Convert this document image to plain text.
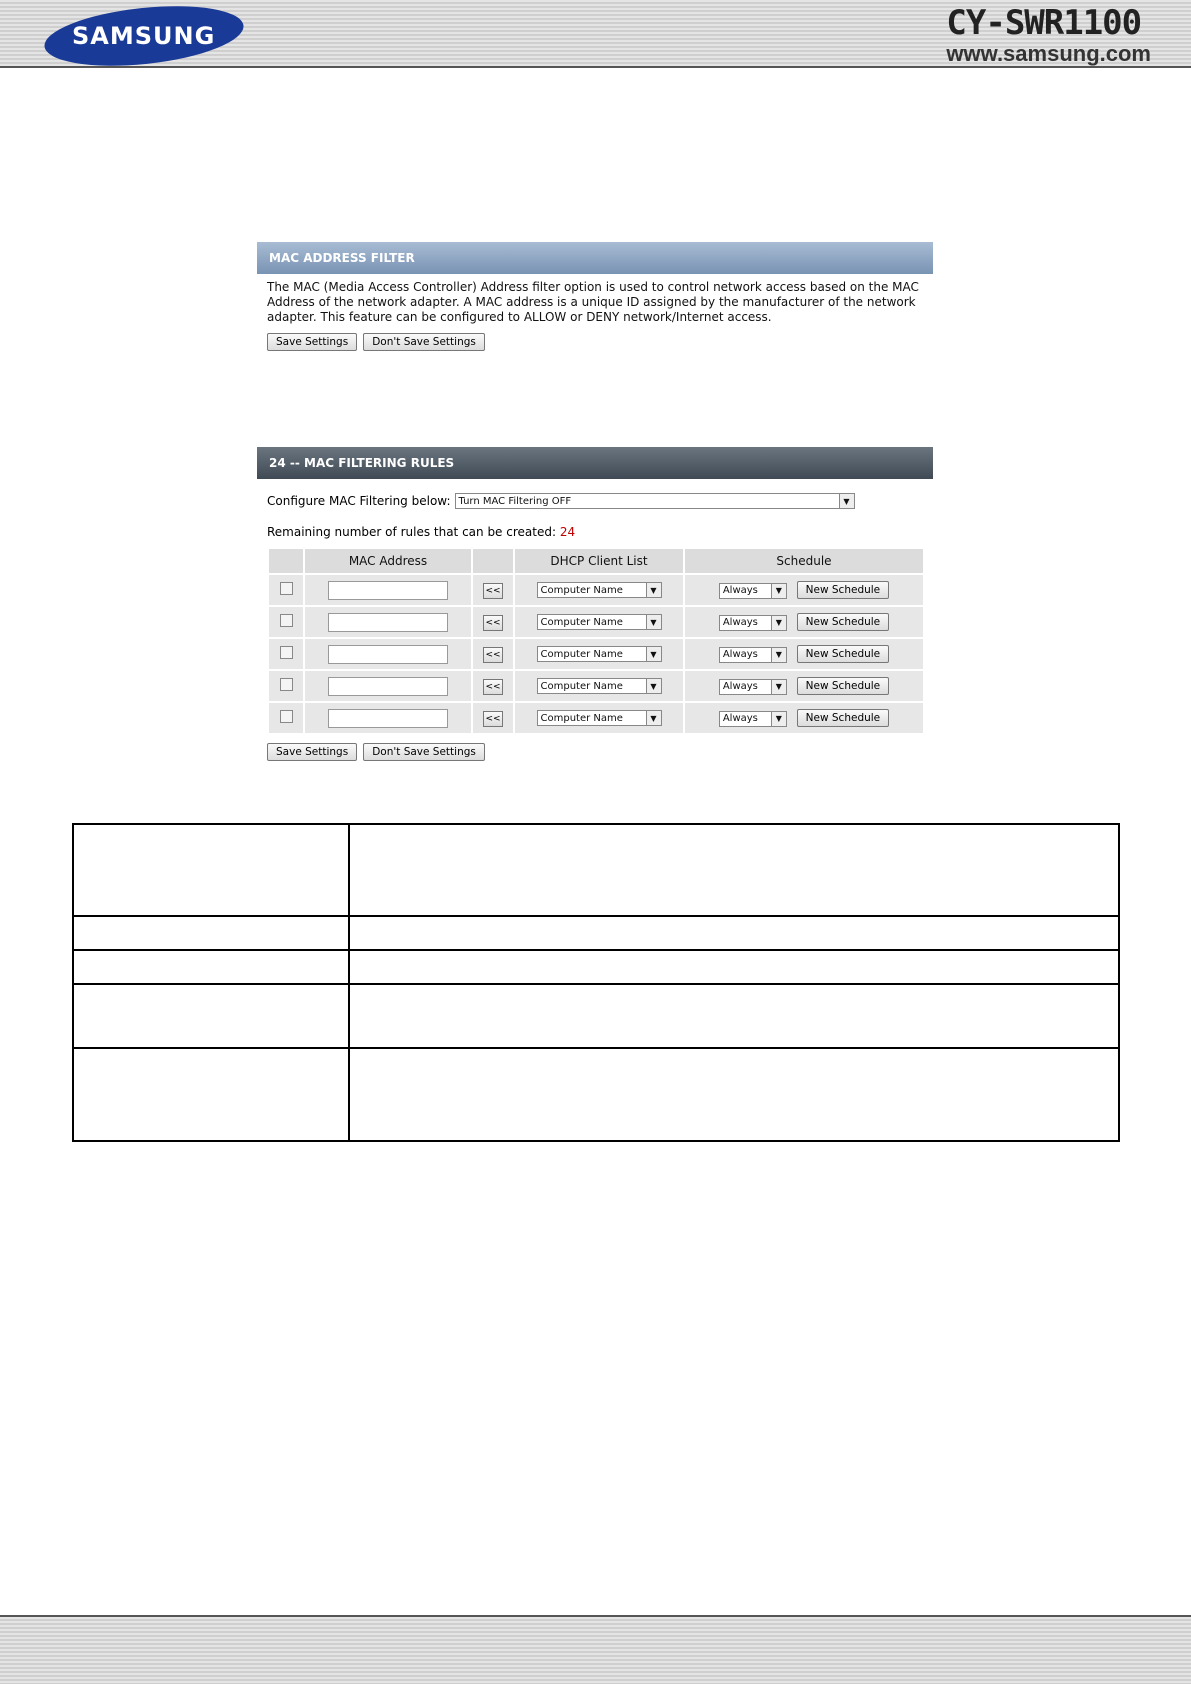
SAMSUNG	CY-SWR1100
www.samsung.com
MAC ADDRESS FILTER
The MAC (Media Access Controller) Address filter option is used to control network access based on the MAC Address of the network adapter. A MAC address is a unique ID assigned by the manufacturer of the network adapter. This feature can be configured to ALLOW or DENY network/Internet access.
Save Settings	Don't Save Settings
24 -- MAC FILTERING RULES
Configure MAC Filtering below: Turn MAC Filtering OFF	▼
Remaining number of rules that can be created: 24
	MAC Address		DHCP Client List	Schedule
		<<	Computer Name ▼	Always ▼ New Schedule
		<<	Computer Name ▼	Always ▼ New Schedule
		<<	Computer Name ▼	Always ▼ New Schedule
		<<	Computer Name ▼	Always ▼ New Schedule
		<<	Computer Name ▼	Always ▼ New Schedule
Save Settings	Don't Save Settings
